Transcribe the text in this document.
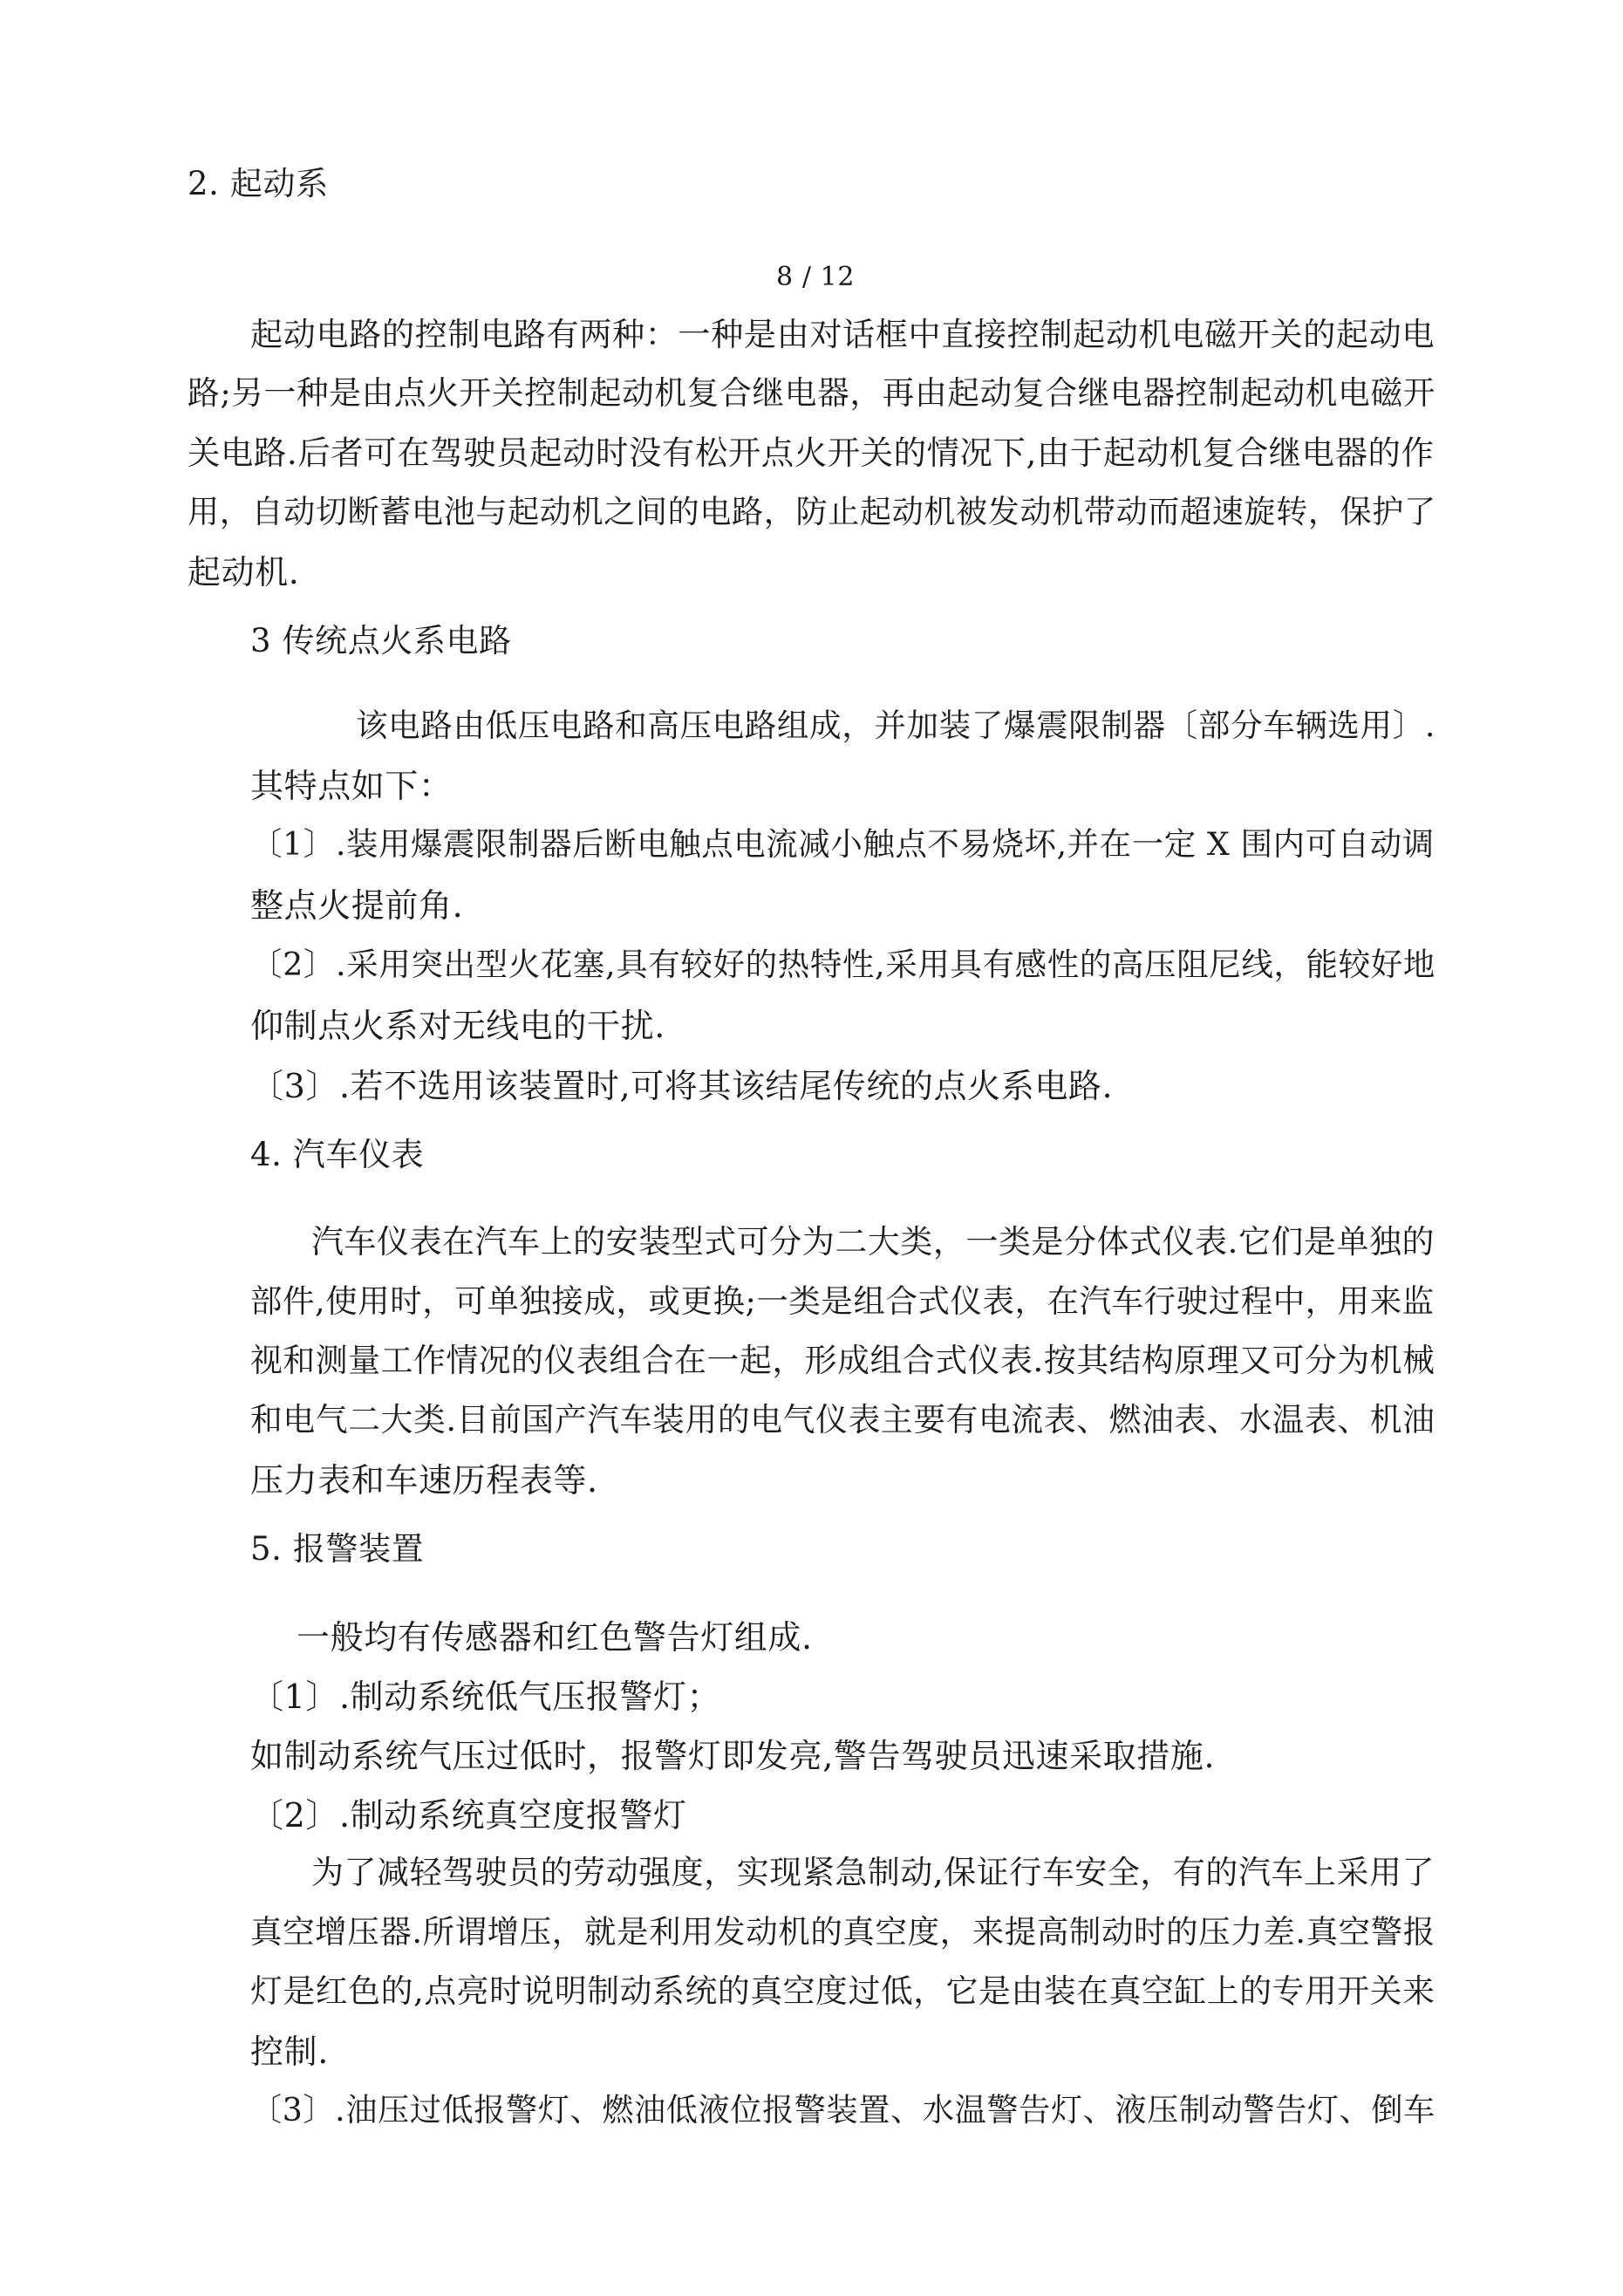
2. 起动系
8 / 12
起动电路的控制电路有两种：一种是由对话框中直接控制起动机电磁开关的起动电
路;另一种是由点火开关控制起动机复合继电器，再由起动复合继电器控制起动机电磁开
关电路.后者可在驾驶员起动时没有松开点火开关的情况下,由于起动机复合继电器的作
用，自动切断蓄电池与起动机之间的电路，防止起动机被发动机带动而超速旋转，保护了
起动机.
3 传统点火系电路
该电路由低压电路和高压电路组成，并加装了爆震限制器〔部分车辆选用〕.
其特点如下：
〔1〕.装用爆震限制器后断电触点电流减小触点不易烧坏,并在一定 X 围内可自动调
整点火提前角.
〔2〕.采用突出型火花塞,具有较好的热特性,采用具有感性的高压阻尼线，能较好地
仰制点火系对无线电的干扰.
〔3〕.若不选用该装置时,可将其该结尾传统的点火系电路.
4. 汽车仪表
汽车仪表在汽车上的安装型式可分为二大类，一类是分体式仪表.它们是单独的
部件,使用时，可单独接成，或更换;一类是组合式仪表，在汽车行驶过程中，用来监
视和测量工作情况的仪表组合在一起，形成组合式仪表.按其结构原理又可分为机械
和电气二大类.目前国产汽车装用的电气仪表主要有电流表、燃油表、水温表、机油
压力表和车速历程表等.
5. 报警装置
一般均有传感器和红色警告灯组成.
〔1〕.制动系统低气压报警灯；
如制动系统气压过低时，报警灯即发亮,警告驾驶员迅速采取措施.
〔2〕.制动系统真空度报警灯
为了减轻驾驶员的劳动强度，实现紧急制动,保证行车安全，有的汽车上采用了
真空增压器.所谓增压，就是利用发动机的真空度，来提高制动时的压力差.真空警报
灯是红色的,点亮时说明制动系统的真空度过低，它是由装在真空缸上的专用开关来
控制.
〔3〕.油压过低报警灯、燃油低液位报警装置、水温警告灯、液压制动警告灯、倒车
